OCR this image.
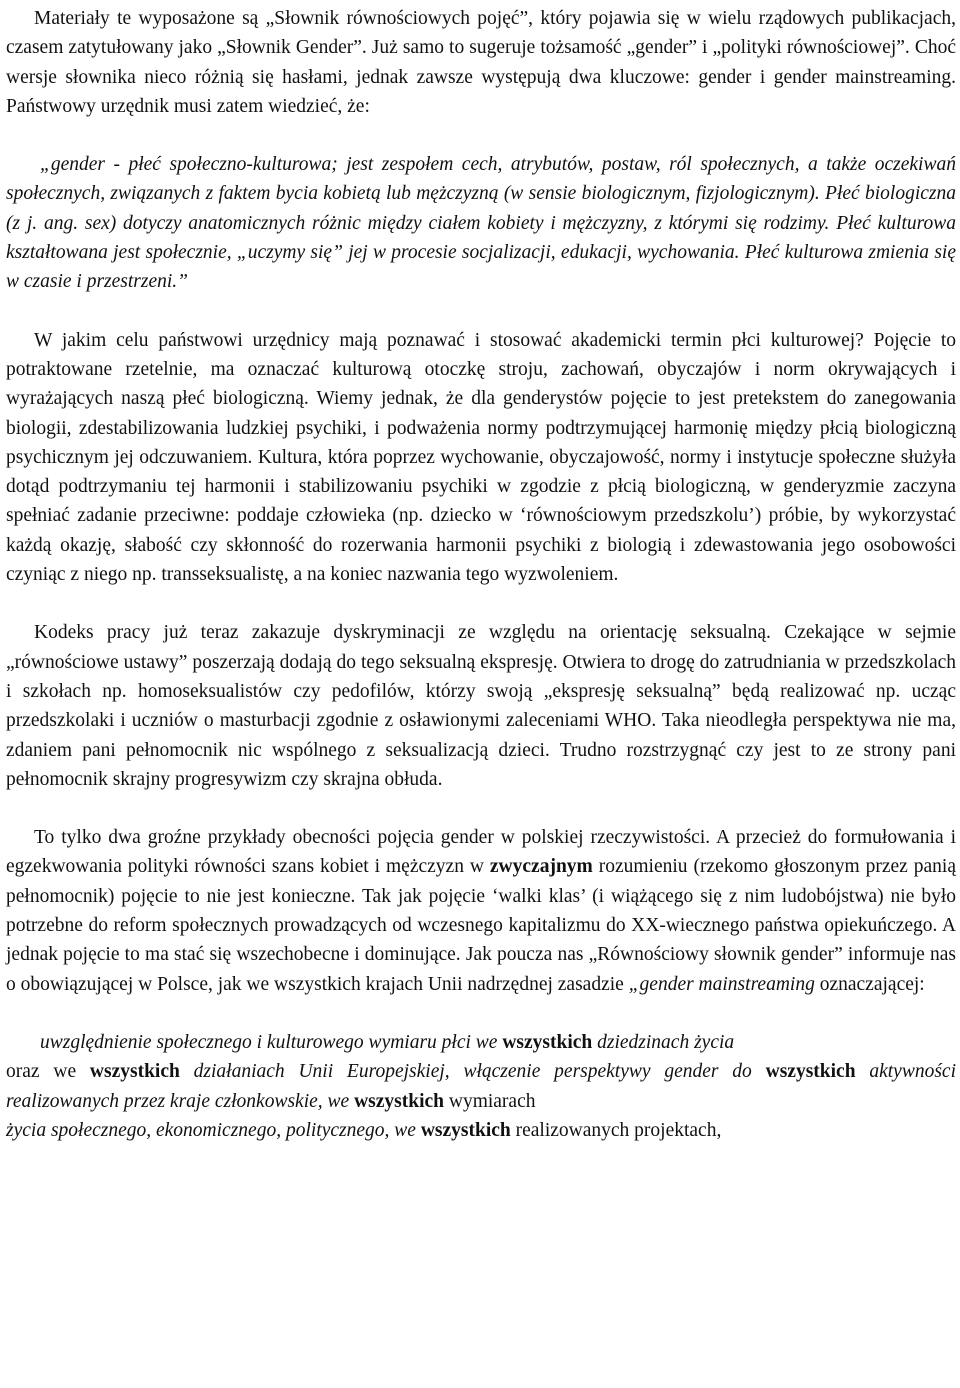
Materiały te wyposażone są „Słownik równościowych pojęć”, który pojawia się w wielu rządowych publikacjach, czasem zatytułowany jako „Słownik Gender”. Już samo to sugeruje tożsamość „gender” i „polityki równościowej”. Choć wersje słownika nieco różnią się hasłami, jednak zawsze występują dwa kluczowe: gender i gender mainstreaming. Państwowy urzędnik musi zatem wiedzieć, że:

„gender - płeć społeczno-kulturowa; jest zespołem cech, atrybutów, postaw, ról społecznych, a także oczekiwań społecznych, związanych z faktem bycia kobietą lub mężczyzną (w sensie biologicznym, fizjologicznym). Płeć biologiczna (z j. ang. sex) dotyczy anatomicznych różnic między ciałem kobiety i mężczyzny, z którymi się rodzimy. Płeć kulturowa kształtowana jest społecznie, „uczymy się” jej w procesie socjalizacji, edukacji, wychowania. Płeć kulturowa zmienia się w czasie i przestrzeni.”

W jakim celu państwowi urzędnicy mają poznawać i stosować akademicki termin płci kulturowej? Pojęcie to potraktowane rzetelnie, ma oznaczać kulturową otoczkę stroju, zachowań, obyczajów i norm okrywających i wyrażających naszą płeć biologiczną. Wiemy jednak, że dla genderystów pojęcie to jest pretekstem do zanegowania biologii, zdestabilizowania ludzkiej psychiki, i podważenia normy podtrzymującej harmonię między płcią biologiczną psychicznym jej odczuwaniem. Kultura, która poprzez wychowanie, obyczajowość, normy i instytucje społeczne służyła dotąd podtrzymaniu tej harmonii i stabilizowaniu psychiki w zgodzie z płcią biologiczną, w genderyzmie zaczyna spełniać zadanie przeciwne: poddaje człowieka (np. dziecko w ‘równościowym przedszkolu’) próbie, by wykorzystać każdą okazję, słabość czy skłonność do rozerwania harmonii psychiki z biologią i zdewastowania jego osobowości czyniąc z niego np. transseksualistę, a na koniec nazwania tego wyzwoleniem.

Kodeks pracy już teraz zakazuje dyskryminacji ze względu na orientację seksualną. Czekające w sejmie „równościowe ustawy” poszerzają dodają do tego seksualną ekspresję. Otwiera to drogę do zatrudniania w przedszkolach i szkołach np. homoseksualistów czy pedofilów, którzy swoją „ekspresję seksualną” będą realizować np. ucząc przedszkolaki i uczniów o masturbacji zgodnie z osławionymi zaleceniami WHO. Taka nieodległa perspektywa nie ma, zdaniem pani pełnomocnik nic wspólnego z seksualizacją dzieci. Trudno rozstrzygnąć czy jest to ze strony pani pełnomocnik skrajny progresywizm czy skrajna obłuda.

To tylko dwa groźne przykłady obecności pojęcia gender w polskiej rzeczywistości. A przecież do formułowania i egzekwowania polityki równości szans kobiet i mężczyzn w zwyczajnym rozumieniu (rzekomo głoszonym przez panią pełnomocnik) pojęcie to nie jest konieczne. Tak jak pojęcie ‘walki klas’ (i wiążącego się z nim ludobójstwa) nie było potrzebne do reform społecznych prowadzących od wczesnego kapitalizmu do XX-wiecznego państwa opiekuńczego. A jednak pojęcie to ma stać się wszechobecne i dominujące. Jak poucza nas „Równościowy słownik gender” informuje nas o obowiązującej w Polsce, jak we wszystkich krajach Unii nadrzędnej zasadzie „gender mainstreaming oznaczającej:

uwzględnienie społecznego i kulturowego wymiaru płci we wszystkich dziedzinach życia
oraz we wszystkich działaniach Unii Europejskiej, włączenie perspektywy gender do wszystkich aktywności realizowanych przez kraje członkowskie, we wszystkich wymiarach
życia społecznego, ekonomicznego, politycznego, we wszystkich realizowanych projektach,
